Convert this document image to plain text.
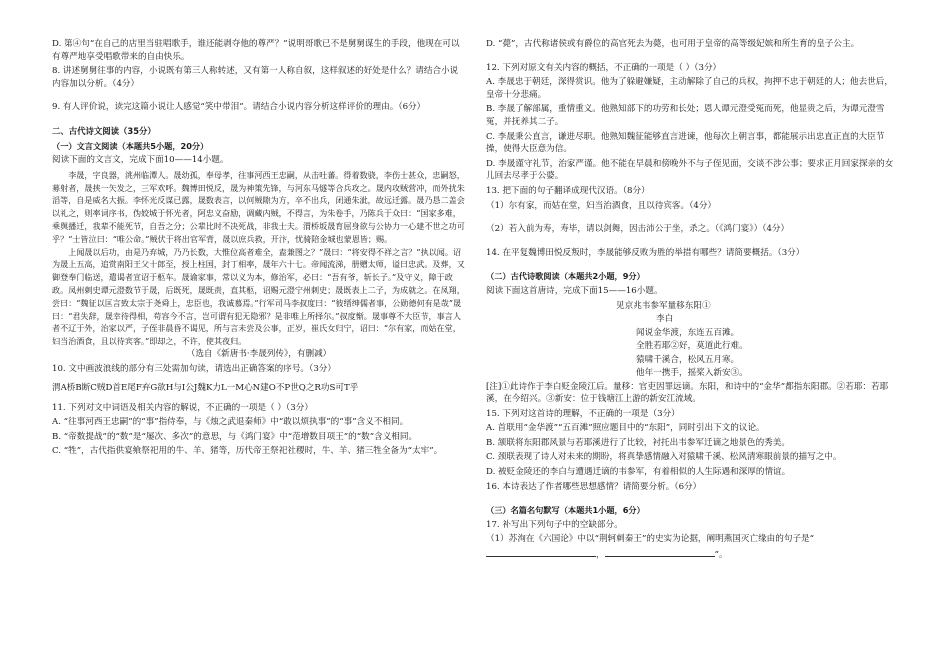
D. 第④句“在自己的店里当驻唱歌手，谁还能剥夺他的尊严？”说明哥歌已不是舅舅谋生的手段，他现在可以有尊严地享受唱歌带来的自由快乐。

8. 讲述舅舅往事的内容，小说既有第三人称转述，又有第一人称自叙，这样叙述的好处是什么？请结合小说内容加以分析。（4分）

9. 有人评价说，读完这篇小说让人感觉“笑中带泪”。请结合小说内容分析这样评价的理由。（6分）

二、古代诗文阅读（35分）

（一）文言文阅读（本题共5小题，20分）

阅读下面的文言文，完成下面10——14小题。

李晟，字良器，洮州临潭人。晟幼孤，奉母孝，往事河西王忠嗣，从击吐蕃。得着数骁，李伤士甚众，忠嗣怒，募射者，晟挟一矢发之，三军欢呼。魏博田悦反，晟为神策先锋，与河东马燧等合兵攻之。晟内攻贼营冲，而外扰朱滔等，自是威名大振。李怀光反谋已露，晟数表言，以何贼隙为方，卒不出兵，闭通朱泚，故远迁露。晟乃恳二盖会以礼之，则率词序书，伪姣城于怀光者，阿忠义奋励，调藏内贼，不得言，为朱卷手，乃陈兵于众曰：“国家多难，乘舆播迁，我辈不能死节，自吾之分；公辈比时不决死战，非我士夫。渭桥坂晟育屈身欲与公协力一心建不世之功可乎？”士皆泣曰：“唯公命。”贼伏于将出官军背，晟以庶兵救，开汴，忧骑陪金城也蒙恩皆；赐。

上闻晟以后功，由是乃弃城，乃乃长数，大惟位高者难全，盍兼图之？”晟曰：“将安得不祥之言？”执以闻。诏为晟上五高，追赏南阳王父十郎至，授上柱国，封丁相率，晟年六十七。帝闻流涕，册赠太师，谥曰忠武。及葬，又御登奉门临送，遣谒者宣诏于柩车。晟谕家事，常以义为本，修治军，必曰：“吾有爷，斩长子。”及守义，障于政政。凤州刺史谭元澄数节于晟，后既死，晟既责，直其柩，诏赐元澄宁州刺史；晟既表上二子，为成就之。在凤翔，尝曰：“魏征以匡言致太宗于尧舜上，忠臣也，我诚慕焉。”行军司马李叔度曰：“彼缙绅儒者事，公勋德何有是哉”晟曰：“君失辞，晟幸待得相，苟容今不言，岂可谓有犯无隐邪？是非唯上所择尔。”叔度惭。晟事尊不大臣节，事言人者不辽于外，治家以严，子侄非晨昏不谒见，所与言未尝及公事，正岁，崔氏女归宁，诏曰：“尔有家，而姑在堂，妇当治酒食，且以待宾客。”即却之，不许，使其夜归。

（选自《新唐书·李晟列传》，有删减）

10. 文中画波浪线的部分有三处需加句读，请选出正确答案的序号。（3分）

渭A桥B断C贼D首E尾F弃G欲H与I公J魏K力L一M心N建O不P世Q之R功S可T乎

11. 下列对文中词语及相关内容的解说，不正确的一项是（ ）（3分）

A. “往事河西王忠嗣”的“事”指侍奉，与《烛之武退秦师》中“敢以烦执事”的“事”含义不相同。

B. “帝数提战”的“数”是“屡次、多次”的意思，与《鸿门宴》中“范增数目项王”的“数”含义相同。

C. “牲”，古代指供宴飨祭祀用的牛、羊、猪等，历代帝王祭祀社稷时，牛、羊、猪三牲全备为“太牢”。

D. “薨”，古代称诸侯或有爵位的高官死去为薨，也可用于皇帝的高等级妃嫔和所生育的皇子公主。

12. 下列对原文有关内容的概括，不正确的一项是（ ）（3分）

A. 李晟忠于朝廷，深得赏识。他为了躲避嫌疑，主动解除了自己的兵权，拘押不忠于朝廷的人；他去世后，皇帝十分悲痛。

B. 李晟了解部属，重情重义。他熟知部下的功劳和长处；恩人谭元澄受冤而死，他显贵之后，为谭元澄雪冤，并抚养其二子。

C. 李晟秉公直言，谦进尽职。他熟知魏征能够直言进谏，他每次上朝言事，都能展示出忠直正直的大臣节操，使得大臣意为信。

D. 李晟谨守礼节，治家严谨。他不能在早晨和傍晚外不与子侄见面，交谈不涉公事；要求正月回家探亲的女儿回去尽孝于公婆。

13. 把下面的句子翻译成现代汉语。（8分）

（1）尔有家，而姑在堂，妇当治酒食，且以待宾客。（4分）

（2）若入前为寿，寿毕，请以剑舞，因击沛公于坐，杀之。（《鸿门宴》）（4分）

14. 在平复魏博田悦反叛时，李晟能够反败为胜的举措有哪些？请简要概括。（3分）

（二）古代诗歌阅读（本题共2小题，9分）

阅读下面这首唐诗，完成下面15——16小题。

见京兆韦参军量移东阳①

李白

闻说金华渡，东连五百滩。

全胜若耶②好，莫道此行难。

猿啸千溪合，松风五月寒。

他年一携手，摇桨入新安③。

[注]①此诗作于李白贬金陵江后。量移：官吏因罪远谪。东阳，和诗中的“金华”都指东阳郡。②若耶：若耶溪，在今绍兴。③新安：位于钱塘江上游的新安江流域。

15. 下列对这首诗的理解，不正确的一项是（3分）

A. 首联用“金华渡”“五百滩”照应题目中的“东阳”，同时引出下文的议论。

B. 颔联将东阳郡风景与若耶溪进行了比较，衬托出韦参军迁谪之地景色的秀美。

C. 颈联表现了诗人对未来的期盼，将真挚感情融入对猿啸千溪、松风清寒眼前景的描写之中。

D. 被贬金陵还的李白与遭遇迁谪的韦参军，有着相似的人生际遇和深厚的情谊。

16. 本诗表达了作者哪些思想感情？请简要分析。（6分）

（三）名篇名句默写（本题共1小题，6分）

17. 补写出下列句子中的空缺部分。

（1）苏洵在《六国论》中以“荆轲刺秦王”的史实为论据，阐明燕国灭亡缘由的句子是“，	”。
